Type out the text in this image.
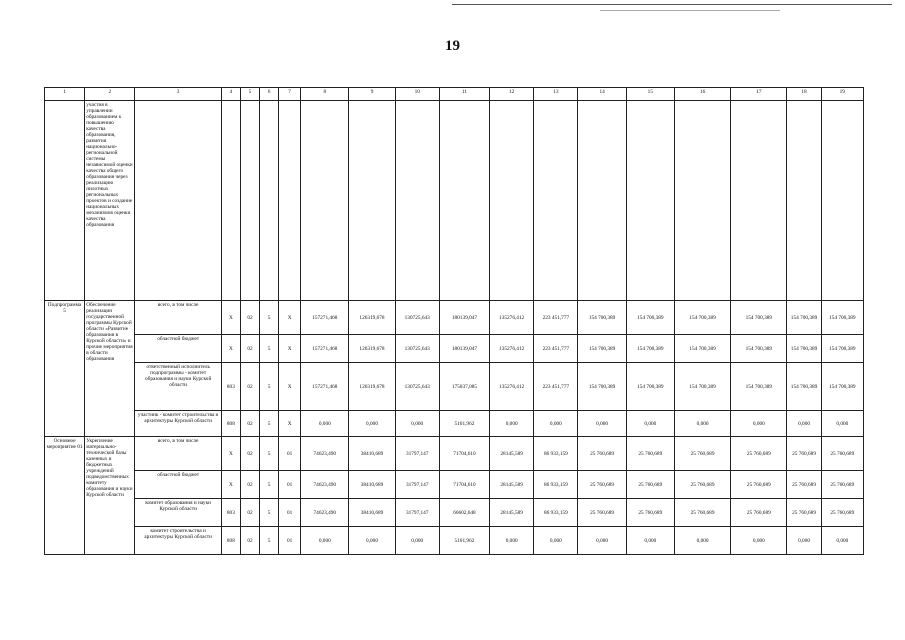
19
1	2	3	4	5	6	7	8	9	10	11	12	13	14	15	16	17	18	19
	участия в управлении образованием к повышению качества образования, развития национально-региональной системы независимой оценки качества общего образования через реализацию пилотных региональных проектов и создание национальных механизмов оценки качества образования																	
Подпрограмма 5	Обеспечение реализации государственной программы Курской области «Развитие образования в Курской области» и прочие мероприятия в области образования	всего, в том числе	X	02	5	X	157271,468	126319,678	130725,643	180139,047	135276,412	223 451,777	154 700,389	154 700,389	154 700,389	154 700,389	154 700,389	154 700,389
		областной бюджет	X	02	5	X	157271,468	126319,678	130725,643	180139,047	135276,412	223 451,777	154 700,389	154 700,389	154 700,389	154 700,389	154 700,389	154 700,389
		ответственный исполнитель подпрограммы - комитет образования и науки Курской области	803	02	5	X	157271,468	126319,678	130725,643	175037,085	135276,412	223 451,777	154 700,389	154 700,389	154 700,389	154 700,389	154 700,389	154 700,389
		участник - комитет строительства и архитектуры Курской области	808	02	5	X	0,000	0,000	0,000	5101,962	0,000	0,000	0,000	0,000	0,000	0,000	0,000	0,000
Основное мероприятие 01	Укрепление материально-технической базы казенных и бюджетных учреждений подведомственных комитету образования и науки Курской области	всего, в том числе	X	02	5	01	74623,490	38410,689	31797,147	71704,610	28145,589	86 933,159	25 760,689	25 760,689	25 760,689	25 760,689	25 760,689	25 760,689
		областной бюджет	X	02	5	01	74623,490	38410,689	31797,147	71704,610	28145,589	86 933,159	25 760,689	25 760,689	25 760,689	25 760,689	25 760,689	25 760,689
		комитет образования и науки Курской области	803	02	5	01	74623,490	38410,689	31797,147	66602,648	28145,589	86 933,159	25 760,689	25 760,689	25 760,689	25 760,689	25 760,689	25 760,689
		комитет строительства и архитектуры Курской области	808	02	5	01	0,000	0,000	0,000	5101,962	0,000	0,000	0,000	0,000	0,000	0,000	0,000	0,000
